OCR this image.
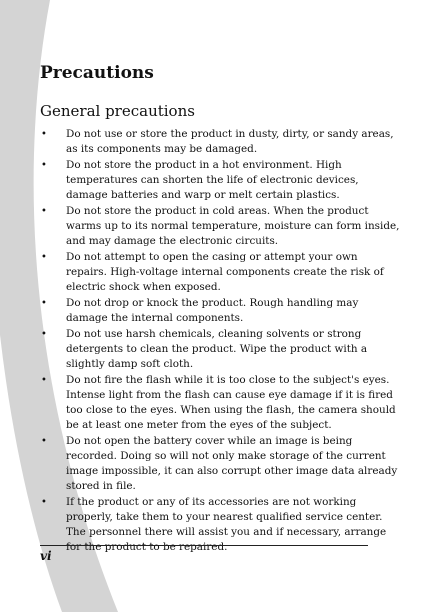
Precautions
General precautions
• Do not use or store the product in dusty, dirty, or sandy areas, as its components may be damaged.
• Do not store the product in a hot environment. High temperatures can shorten the life of electronic devices, damage batteries and warp or melt certain plastics.
• Do not store the product in cold areas. When the product warms up to its normal temperature, moisture can form inside, and may damage the electronic circuits.
• Do not attempt to open the casing or attempt your own repairs. High-voltage internal components create the risk of electric shock when exposed.
• Do not drop or knock the product. Rough handling may damage the internal components.
• Do not use harsh chemicals, cleaning solvents or strong detergents to clean the product. Wipe the product with a slightly damp soft cloth.
• Do not fire the flash while it is too close to the subject's eyes. Intense light from the flash can cause eye damage if it is fired too close to the eyes. When using the flash, the camera should be at least one meter from the eyes of the subject.
• Do not open the battery cover while an image is being recorded. Doing so will not only make storage of the current image impossible, it can also corrupt other image data already stored in file.
• If the product or any of its accessories are not working properly, take them to your nearest qualified service center. The personnel there will assist you and if necessary, arrange for the product to be repaired.
vi
